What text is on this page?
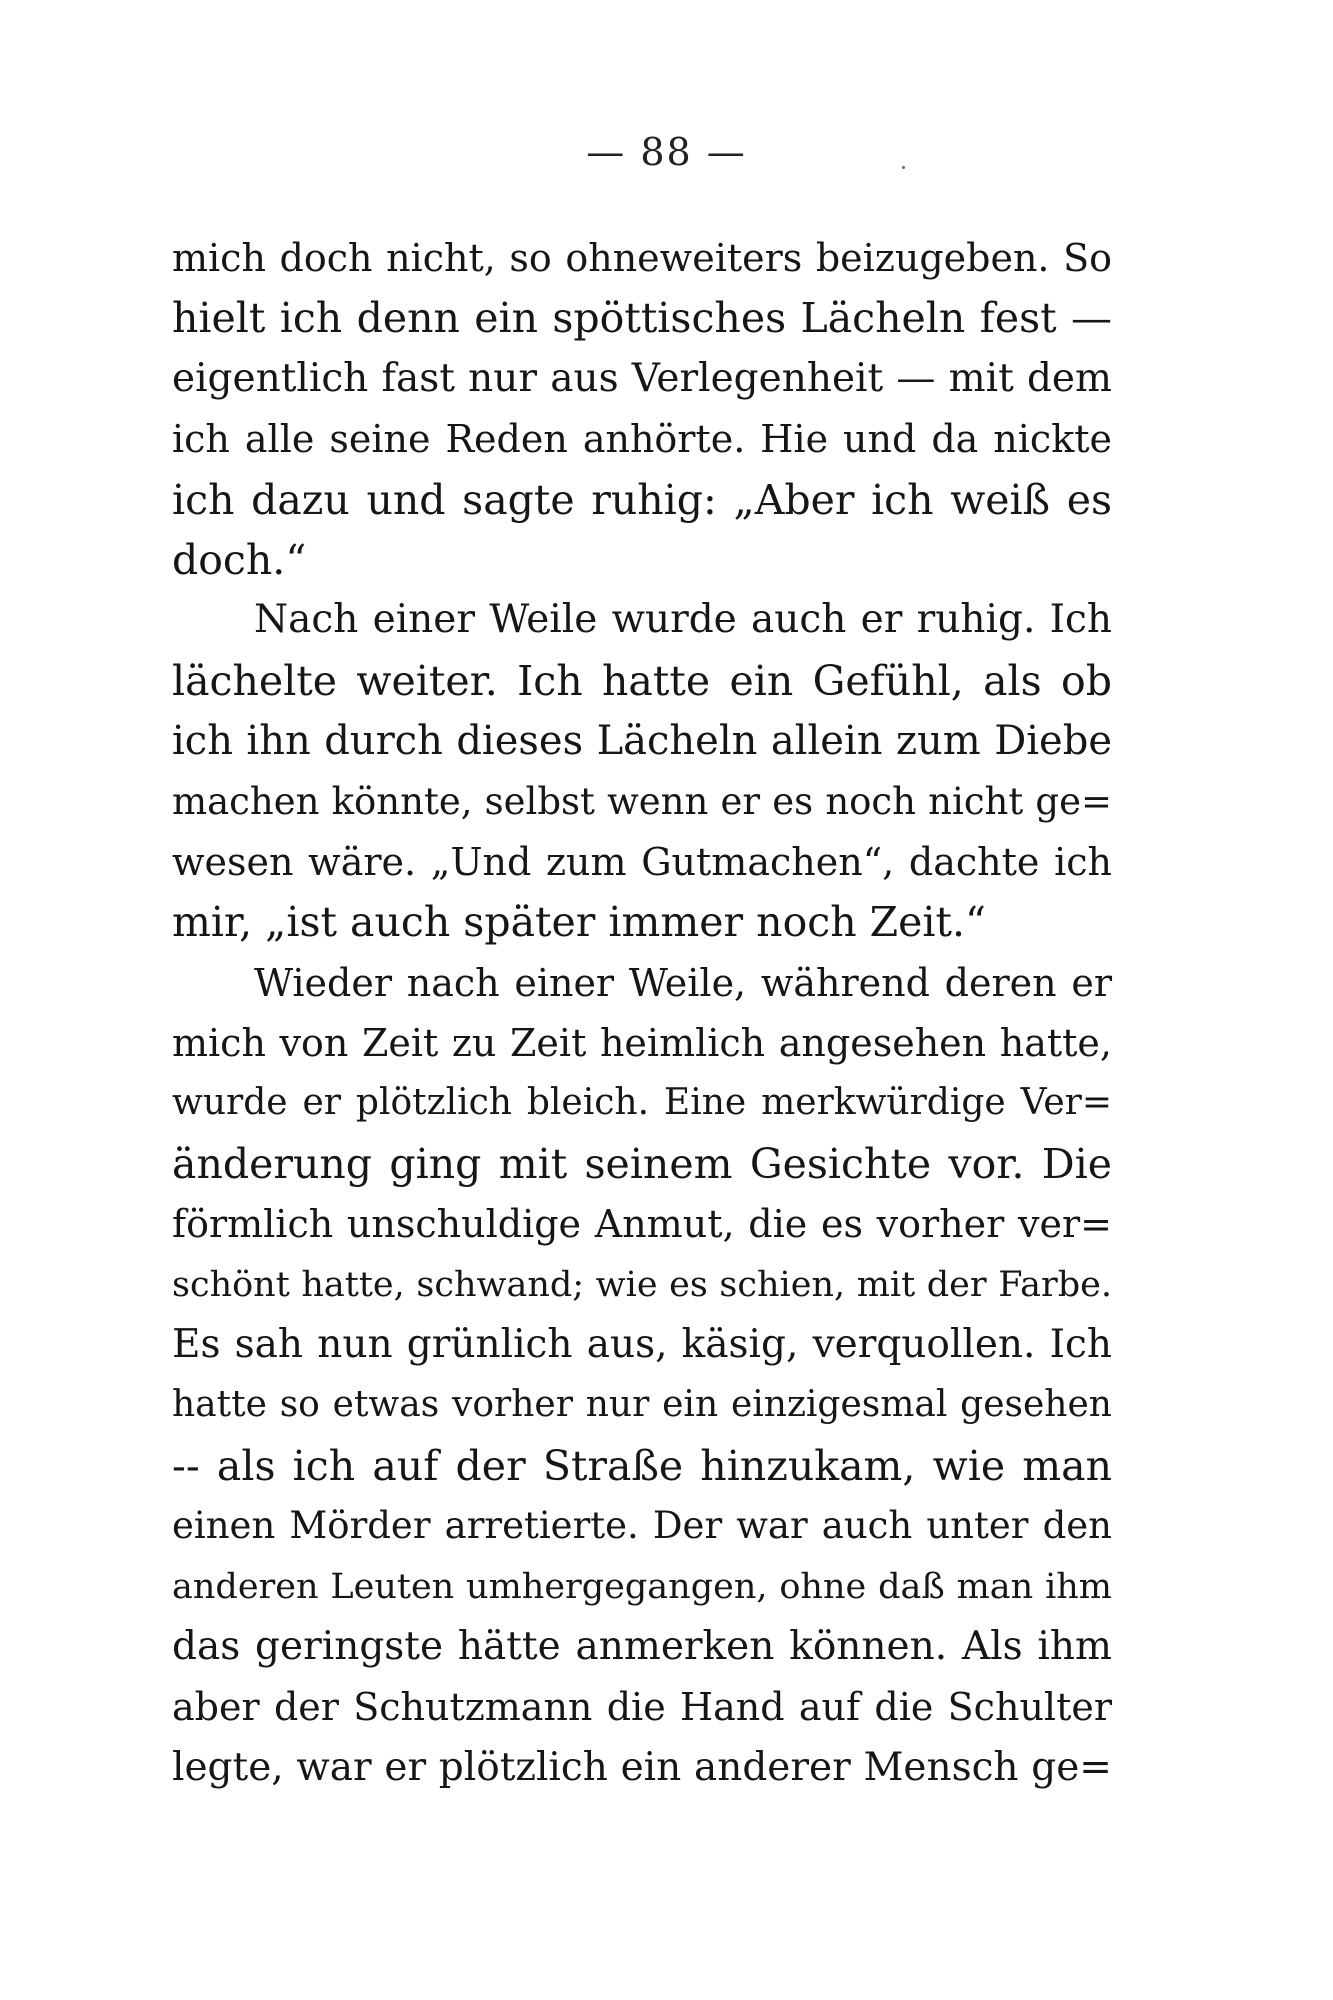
— 88 —
mich doch nicht, so ohneweiters beizugeben. So
hielt ich denn ein spöttisches Lächeln fest —
eigentlich fast nur aus Verlegenheit — mit dem
ich alle seine Reden anhörte. Hie und da nickte
ich dazu und sagte ruhig: „Aber ich weiß es
doch.“
Nach einer Weile wurde auch er ruhig. Ich
lächelte weiter. Ich hatte ein Gefühl, als ob
ich ihn durch dieses Lächeln allein zum Diebe
machen könnte, selbst wenn er es noch nicht ge=
wesen wäre. „Und zum Gutmachen“, dachte ich
mir, „ist auch später immer noch Zeit.“
Wieder nach einer Weile, während deren er
mich von Zeit zu Zeit heimlich angesehen hatte,
wurde er plötzlich bleich. Eine merkwürdige Ver=
änderung ging mit seinem Gesichte vor. Die
förmlich unschuldige Anmut, die es vorher ver=
schönt hatte, schwand; wie es schien, mit der Farbe.
Es sah nun grünlich aus, käsig, verquollen. Ich
hatte so etwas vorher nur ein einzigesmal gesehen
-- als ich auf der Straße hinzukam, wie man
einen Mörder arretierte. Der war auch unter den
anderen Leuten umhergegangen, ohne daß man ihm
das geringste hätte anmerken können. Als ihm
aber der Schutzmann die Hand auf die Schulter
legte, war er plötzlich ein anderer Mensch ge=
